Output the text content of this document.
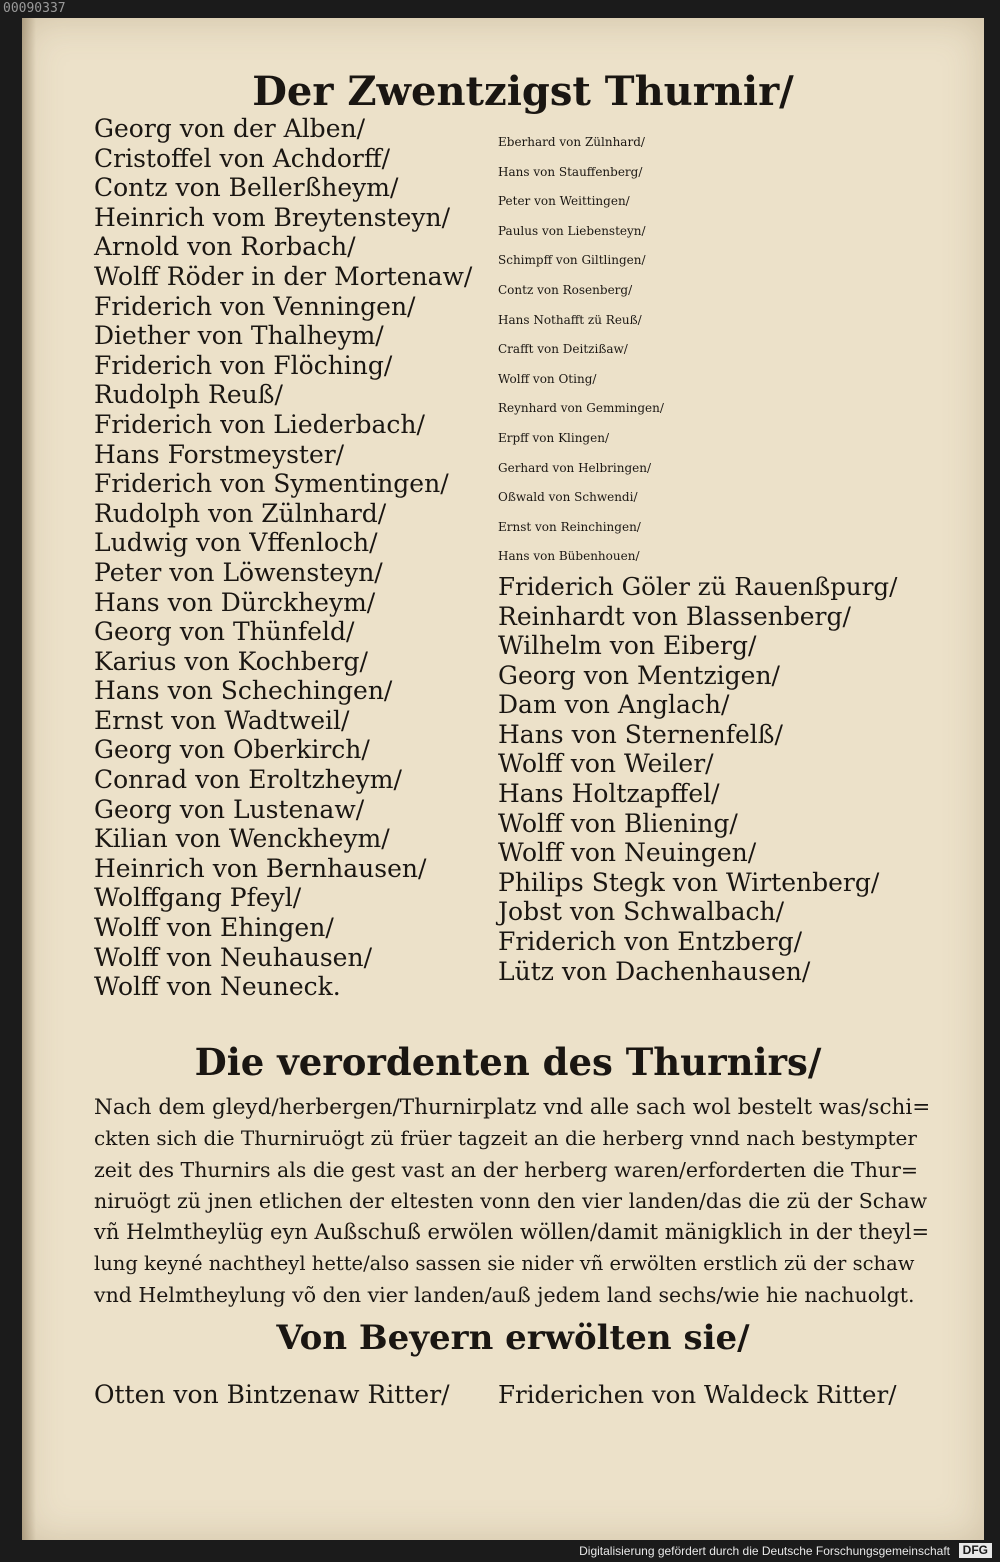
00090337
Der Zwentzigst Thurnir/
Georg von der Alben/
Cristoffel von Achdorff/
Contz von Bellerßheym/
Heinrich vom Breytensteyn/
Arnold von Rorbach/
Wolff Röder in der Mortenaw/
Friderich von Venningen/
Diether von Thalheym/
Friderich von Flöching/
Rudolph Reuß/
Friderich von Liederbach/
Hans Forstmeyster/
Friderich von Symentingen/
Rudolph von Zülnhard/
Ludwig von Vffenloch/
Peter von Löwensteyn/
Hans von Dürckheym/
Georg von Thünfeld/
Karius von Kochberg/
Hans von Schechingen/
Ernst von Wadtweil/
Georg von Oberkirch/
Conrad von Eroltzheym/
Georg von Lustenaw/
Kilian von Wenckheym/
Heinrich von Bernhausen/
Wolffgang Pfeyl/
Wolff von Ehingen/
Wolff von Neuhausen/
Wolff von Neuneck.
Eberhard von Zülnhard/
Hans von Stauffenberg/
Peter von Weittingen/
Paulus von Liebensteyn/
Schimpff von Giltlingen/
Contz von Rosenberg/
Hans Nothafft zü Reuß/
Crafft von Deitzißaw/
Wolff von Oting/
Reynhard von Gemmingen/
Erpff von Klingen/
Gerhard von Helbringen/
Oßwald von Schwendi/
Ernst von Reinchingen/
Hans von Bübenhouen/
Friderich Göler zü Rauenßpurg/
Reinhardt von Blassenberg/
Wilhelm von Eiberg/
Georg von Mentzigen/
Dam von Anglach/
Hans von Sternenfelß/
Wolff von Weiler/
Hans Holtzapffel/
Wolff von Bliening/
Wolff von Neuingen/
Philips Stegk von Wirtenberg/
Jobst von Schwalbach/
Friderich von Entzberg/
Lütz von Dachenhausen/
Die verordenten des Thurnirs/
Nach dem gleyd/herbergen/Thurnirplatz vnd alle sach wol bestelt was/schi=
ckten sich die Thurniruögt zü früer tagzeit an die herberg vnnd nach bestympter
zeit des Thurnirs als die gest vast an der herberg waren/erforderten die Thur=
niruögt zü jnen etlichen der eltesten vonn den vier landen/das die zü der Schaw
vñ Helmtheylüg eyn Außschuß erwölen wöllen/damit mänigklich in der theyl=
lung keyné nachtheyl hette/also sassen sie nider vñ erwölten erstlich zü der schaw
vnd Helmtheylung võ den vier landen/auß jedem land sechs/wie hie nachuolgt.
Von Beyern erwölten sie/
Otten von Bintzenaw Ritter/ Friderichen von Waldeck Ritter/
Digitalisierung gefördert durch die Deutsche Forschungsgemeinschaft	DFG
